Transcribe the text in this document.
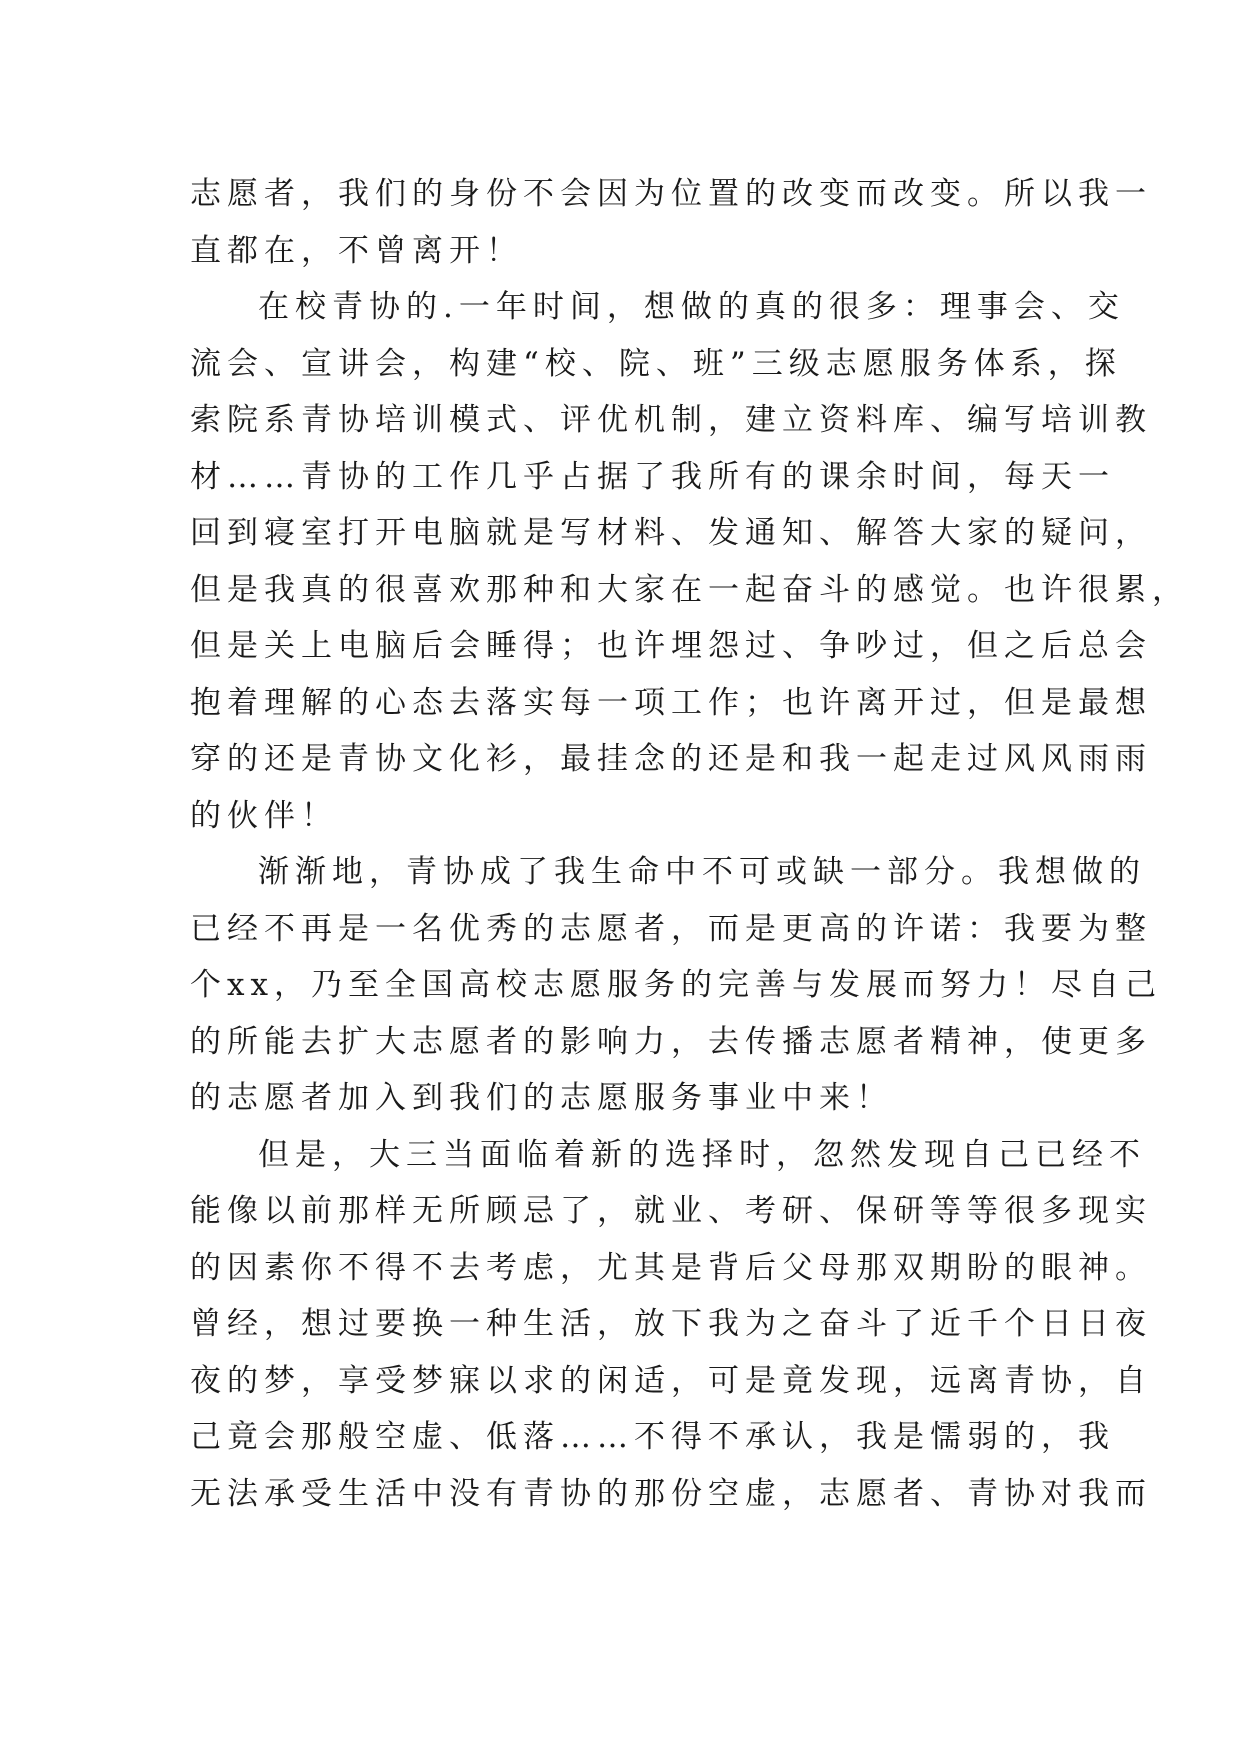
志愿者，我们的身份不会因为位置的改变而改变。所以我一
直都在，不曾离开！
在校青协的.一年时间，想做的真的很多：理事会、交
流会、宣讲会，构建“校、院、班”三级志愿服务体系，探
索院系青协培训模式、评优机制，建立资料库、编写培训教
材……青协的工作几乎占据了我所有的课余时间，每天一
回到寝室打开电脑就是写材料、发通知、解答大家的疑问，
但是我真的很喜欢那种和大家在一起奋斗的感觉。也许很累，
但是关上电脑后会睡得；也许埋怨过、争吵过，但之后总会
抱着理解的心态去落实每一项工作；也许离开过，但是最想
穿的还是青协文化衫，最挂念的还是和我一起走过风风雨雨
的伙伴！
渐渐地，青协成了我生命中不可或缺一部分。我想做的
已经不再是一名优秀的志愿者，而是更高的许诺：我要为整
个xx，乃至全国高校志愿服务的完善与发展而努力！尽自己
的所能去扩大志愿者的影响力，去传播志愿者精神，使更多
的志愿者加入到我们的志愿服务事业中来！
但是，大三当面临着新的选择时，忽然发现自己已经不
能像以前那样无所顾忌了，就业、考研、保研等等很多现实
的因素你不得不去考虑，尤其是背后父母那双期盼的眼神。
曾经，想过要换一种生活，放下我为之奋斗了近千个日日夜
夜的梦，享受梦寐以求的闲适，可是竟发现，远离青协，自
己竟会那般空虚、低落……不得不承认，我是懦弱的，我
无法承受生活中没有青协的那份空虚，志愿者、青协对我而
